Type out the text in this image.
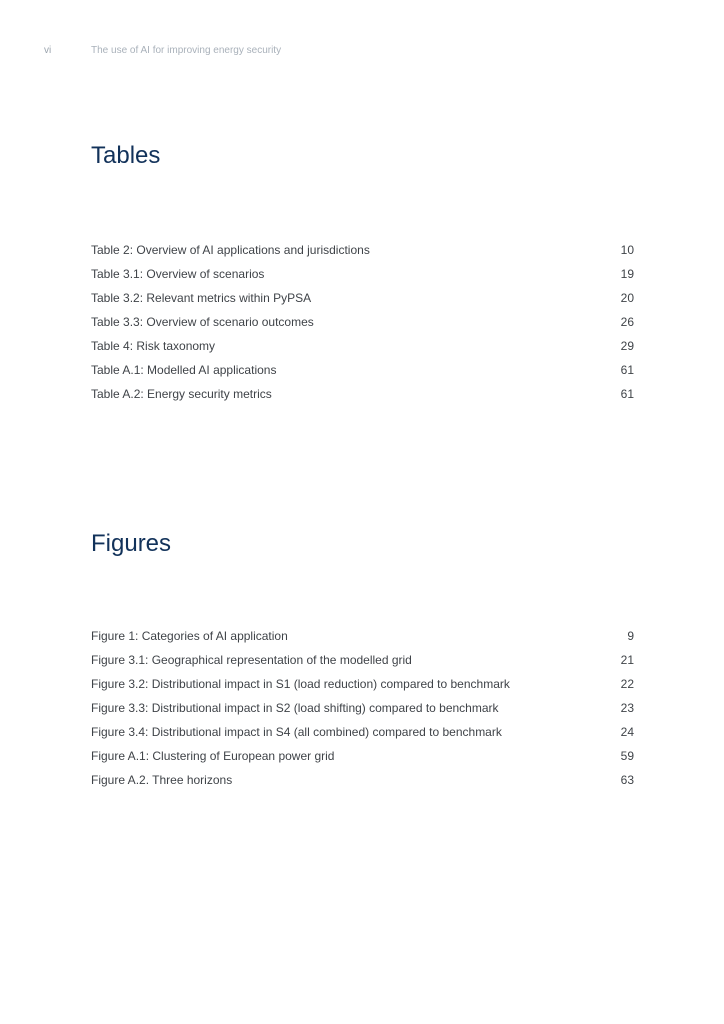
vi	The use of AI for improving energy security
Tables
Table 2: Overview of AI applications and jurisdictions	10
Table 3.1: Overview of scenarios	19
Table 3.2: Relevant metrics within PyPSA	20
Table 3.3: Overview of scenario outcomes	26
Table 4: Risk taxonomy	29
Table A.1: Modelled AI applications	61
Table A.2: Energy security metrics	61
Figures
Figure 1: Categories of AI application	9
Figure 3.1: Geographical representation of the modelled grid	21
Figure 3.2: Distributional impact in S1 (load reduction) compared to benchmark	22
Figure 3.3: Distributional impact in S2 (load shifting) compared to benchmark	23
Figure 3.4: Distributional impact in S4 (all combined) compared to benchmark	24
Figure A.1: Clustering of European power grid	59
Figure A.2. Three horizons	63
